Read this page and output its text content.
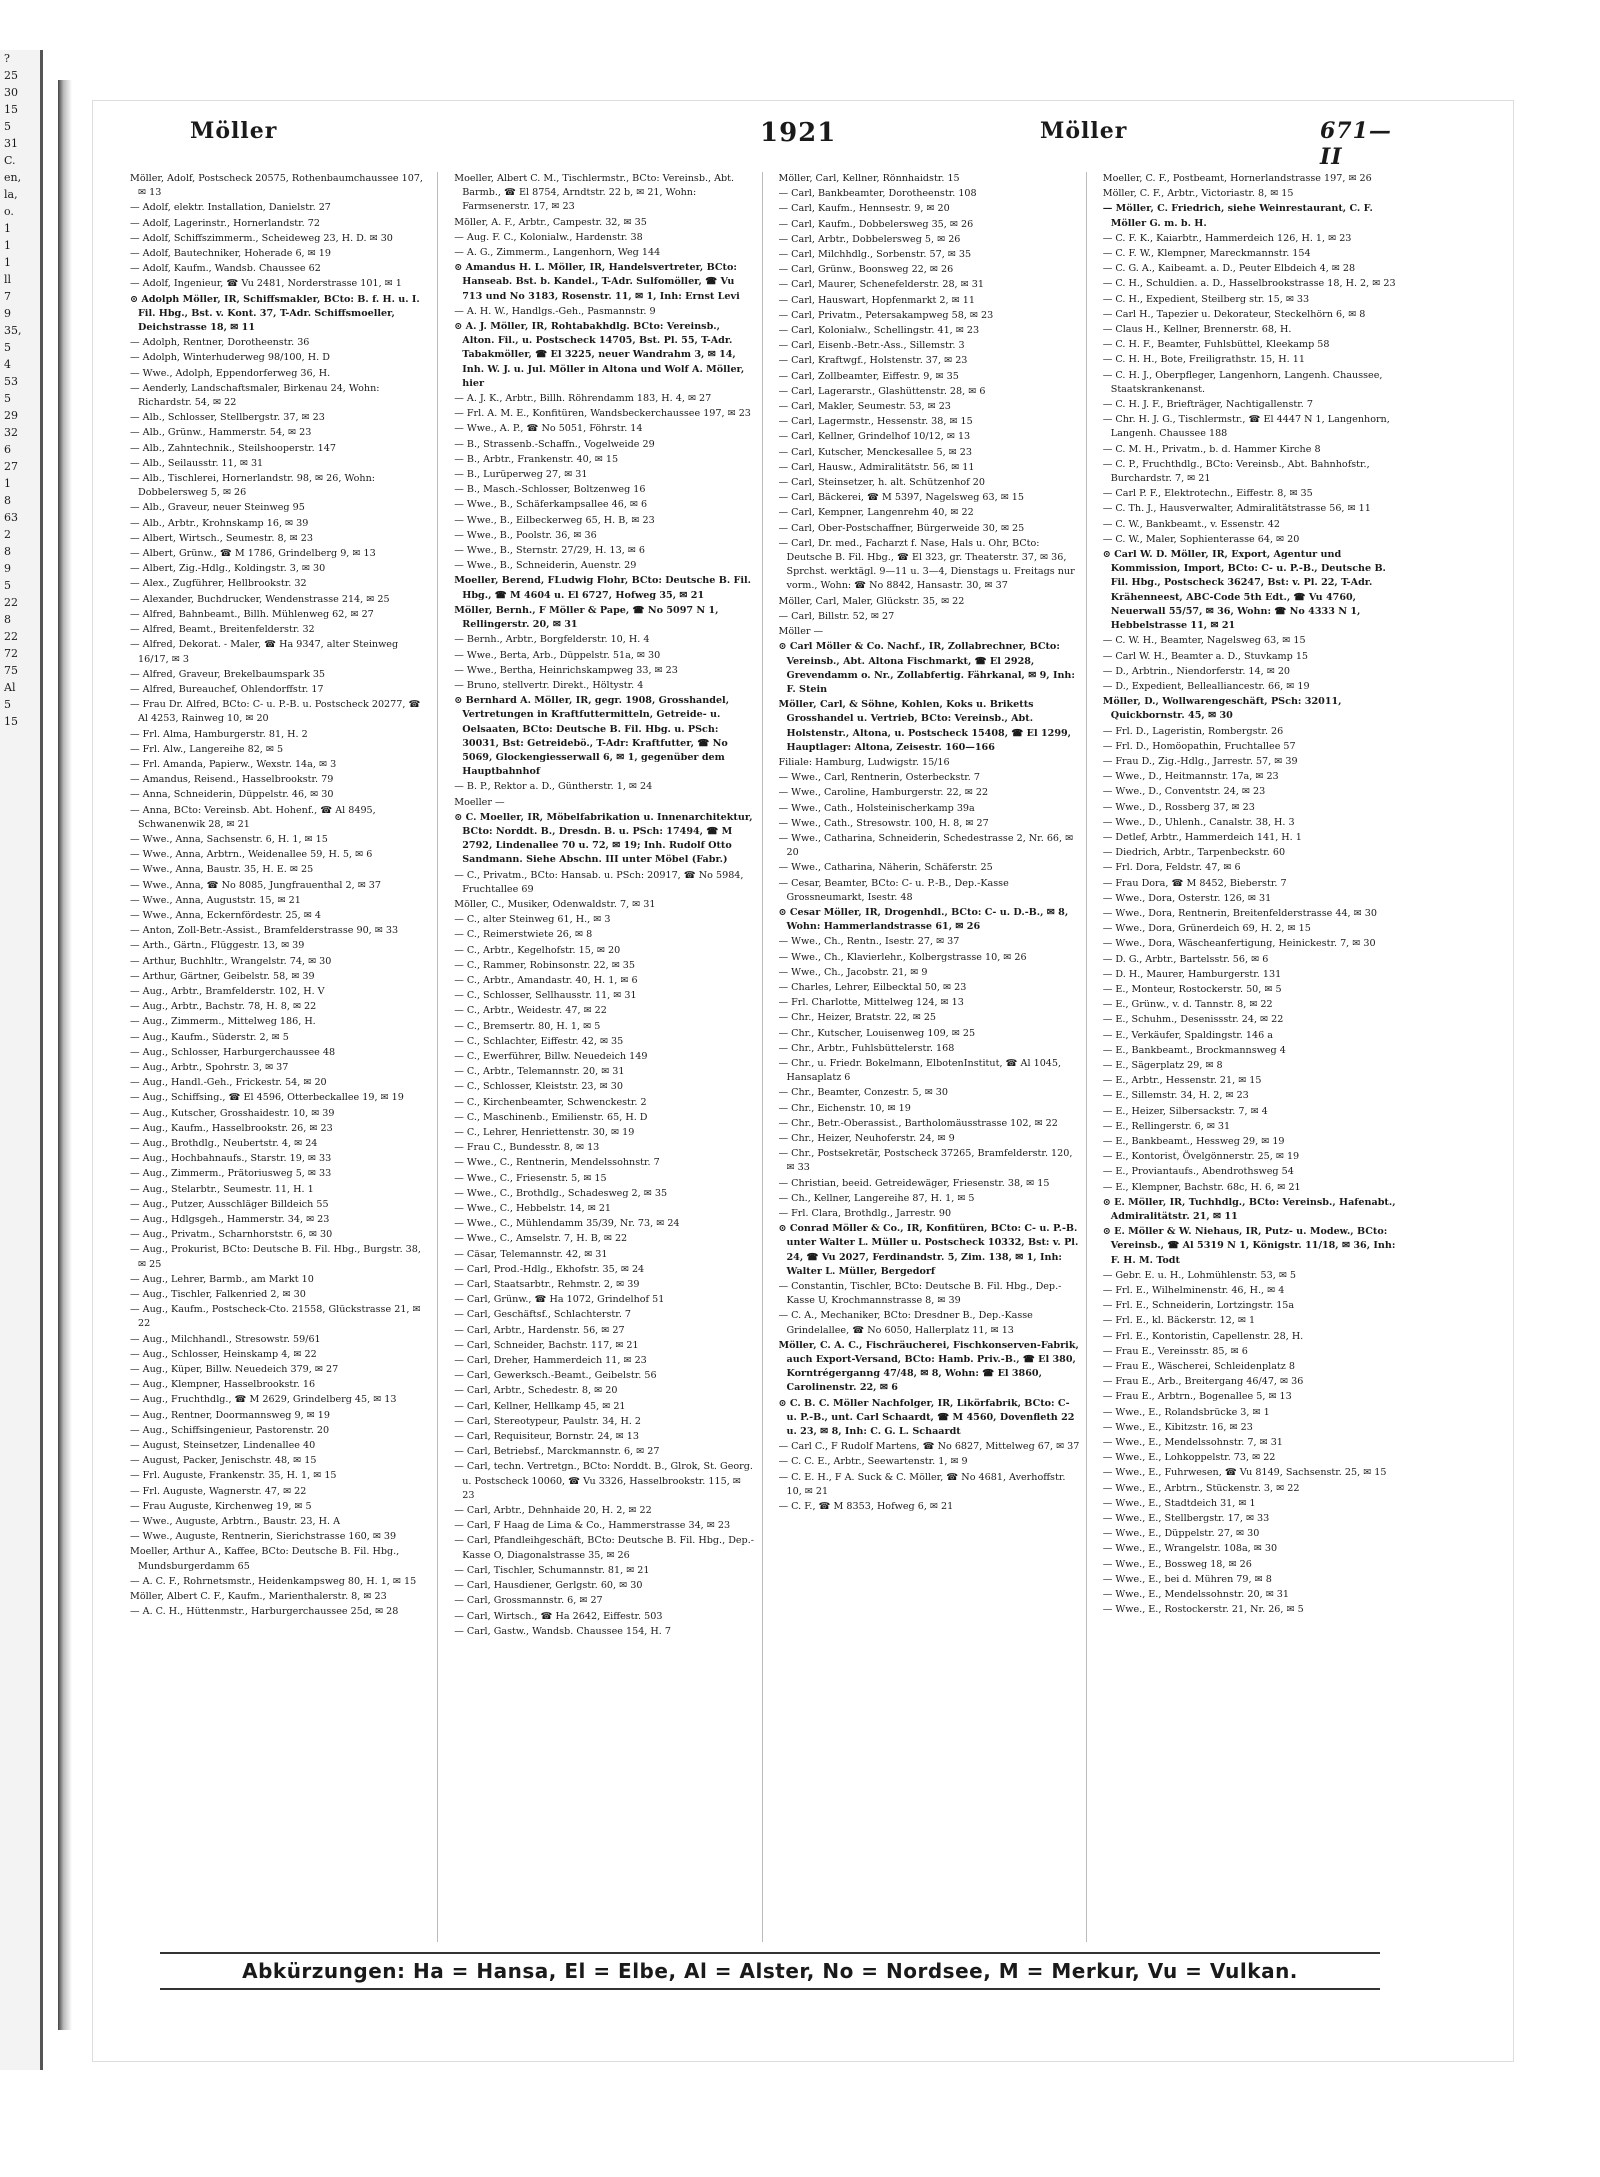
?
25
30
15
5
31
C.
en,
la,
o.
1
1
1
ll
7
9
35,
5
4
53
5
29
32
6
27
1
8
63
2
8
9
5
22
8
22
72
75
Al
5
15
Möller	1921	Möller	671—II

Möller, Adolf, Postscheck 20575, Rothenbaumchaussee 107, ✉ 13

— Adolf, elektr. Installation, Danielstr. 27

— Adolf, Lagerinstr., Hornerlandstr. 72

— Adolf, Schiffszimmerm., Scheideweg 23, H. D. ✉ 30

— Adolf, Bautechniker, Hoherade 6, ✉ 19

— Adolf, Kaufm., Wandsb. Chaussee 62

— Adolf, Ingenieur, ☎ Vu 2481, Norderstrasse 101, ✉ 1

⊙ Adolph Möller, IR, Schiffsmakler, BCto: B. f. H. u. I. Fil. Hbg., Bst. v. Kont. 37, T-Adr. Schiffsmoeller, Deichstrasse 18, ✉ 11

— Adolph, Rentner, Dorotheenstr. 36

— Adolph, Winterhuderweg 98/100, H. D

— Wwe., Adolph, Eppendorferweg 36, H.

— Aenderly, Landschaftsmaler, Birkenau 24, Wohn: Richardstr. 54, ✉ 22

— Alb., Schlosser, Stellbergstr. 37, ✉ 23

— Alb., Grünw., Hammerstr. 54, ✉ 23

— Alb., Zahntechnik., Steilshooperstr. 147

— Alb., Seilausstr. 11, ✉ 31

— Alb., Tischlerei, Hornerlandstr. 98, ✉ 26, Wohn: Dobbelersweg 5, ✉ 26

— Alb., Graveur, neuer Steinweg 95

— Alb., Arbtr., Krohnskamp 16, ✉ 39

— Albert, Wirtsch., Seumestr. 8, ✉ 23

— Albert, Grünw., ☎ M 1786, Grindelberg 9, ✉ 13

— Albert, Zig.-Hdlg., Koldingstr. 3, ✉ 30

— Alex., Zugführer, Hellbrookstr. 32

— Alexander, Buchdrucker, Wendenstrasse 214, ✉ 25

— Alfred, Bahnbeamt., Billh. Mühlenweg 62, ✉ 27

— Alfred, Beamt., Breitenfelderstr. 32

— Alfred, Dekorat. - Maler, ☎ Ha 9347, alter Steinweg 16/17, ✉ 3

— Alfred, Graveur, Brekelbaumspark 35

— Alfred, Bureauchef, Ohlendorffstr. 17

— Frau Dr. Alfred, BCto: C- u. P.-B. u. Postscheck 20277, ☎ Al 4253, Rainweg 10, ✉ 20

— Frl. Alma, Hamburgerstr. 81, H. 2

— Frl. Alw., Langereihe 82, ✉ 5

— Frl. Amanda, Papierw., Wexstr. 14a, ✉ 3

— Amandus, Reisend., Hasselbrookstr. 79

— Anna, Schneiderin, Düppelstr. 46, ✉ 30

— Anna, BCto: Vereinsb. Abt. Hohenf., ☎ Al 8495, Schwanenwik 28, ✉ 21

— Wwe., Anna, Sachsenstr. 6, H. 1, ✉ 15

— Wwe., Anna, Arbtrn., Weidenallee 59, H. 5, ✉ 6

— Wwe., Anna, Baustr. 35, H. E. ✉ 25

— Wwe., Anna, ☎ No 8085, Jungfrauenthal 2, ✉ 37

— Wwe., Anna, Auguststr. 15, ✉ 21

— Wwe., Anna, Eckernfördestr. 25, ✉ 4

— Anton, Zoll-Betr.-Assist., Bramfelderstrasse 90, ✉ 33

— Arth., Gärtn., Flüggestr. 13, ✉ 39

— Arthur, Buchhltr., Wrangelstr. 74, ✉ 30

— Arthur, Gärtner, Geibelstr. 58, ✉ 39

— Aug., Arbtr., Bramfelderstr. 102, H. V

— Aug., Arbtr., Bachstr. 78, H. 8, ✉ 22

— Aug., Zimmerm., Mittelweg 186, H.

— Aug., Kaufm., Süderstr. 2, ✉ 5

— Aug., Schlosser, Harburgerchaussee 48

— Aug., Arbtr., Spohrstr. 3, ✉ 37

— Aug., Handl.-Geh., Frickestr. 54, ✉ 20

— Aug., Schiffsing., ☎ El 4596, Otterbeckallee 19, ✉ 19

— Aug., Kutscher, Grosshaidestr. 10, ✉ 39

— Aug., Kaufm., Hasselbrookstr. 26, ✉ 23

— Aug., Brothdlg., Neubertstr. 4, ✉ 24

— Aug., Hochbahnaufs., Starstr. 19, ✉ 33

— Aug., Zimmerm., Prätoriusweg 5, ✉ 33

— Aug., Stelarbtr., Seumestr. 11, H. 1

— Aug., Putzer, Ausschläger Billdeich 55

— Aug., Hdlgsgeh., Hammerstr. 34, ✉ 23

— Aug., Privatm., Scharnhorststr. 6, ✉ 30

— Aug., Prokurist, BCto: Deutsche B. Fil. Hbg., Burgstr. 38, ✉ 25

— Aug., Lehrer, Barmb., am Markt 10

— Aug., Tischler, Falkenried 2, ✉ 30

— Aug., Kaufm., Postscheck-Cto. 21558, Glückstrasse 21, ✉ 22

— Aug., Milchhandl., Stresowstr. 59/61

— Aug., Schlosser, Heinskamp 4, ✉ 22

— Aug., Küper, Billw. Neuedeich 379, ✉ 27

— Aug., Klempner, Hasselbrookstr. 16

— Aug., Fruchthdlg., ☎ M 2629, Grindelberg 45, ✉ 13

— Aug., Rentner, Doormannsweg 9, ✉ 19

— Aug., Schiffsingenieur, Pastorenstr. 20

— August, Steinsetzer, Lindenallee 40

— August, Packer, Jenischstr. 48, ✉ 15

— Frl. Auguste, Frankenstr. 35, H. 1, ✉ 15

— Frl. Auguste, Wagnerstr. 47, ✉ 22

— Frau Auguste, Kirchenweg 19, ✉ 5

— Wwe., Auguste, Arbtrn., Baustr. 23, H. A

— Wwe., Auguste, Rentnerin, Sierichstrasse 160, ✉ 39

Moeller, Arthur A., Kaffee, BCto: Deutsche B. Fil. Hbg., Mundsburgerdamm 65

— A. C. F., Rohrnetsmstr., Heidenkampsweg 80, H. 1, ✉ 15

Möller, Albert C. F., Kaufm., Marienthalerstr. 8, ✉ 23

— A. C. H., Hüttenmstr., Harburgerchaussee 25d, ✉ 28

Moeller, Albert C. M., Tischlermstr., BCto: Vereinsb., Abt. Barmb., ☎ El 8754, Arndtstr. 22 b, ✉ 21, Wohn: Farmsenerstr. 17, ✉ 23

Möller, A. F., Arbtr., Campestr. 32, ✉ 35

— Aug. F. C., Kolonialw., Hardenstr. 38

— A. G., Zimmerm., Langenhorn, Weg 144

⊙ Amandus H. L. Möller, IR, Handelsvertreter, BCto: Hanseab. Bst. b. Kandel., T-Adr. Sulfomöller, ☎ Vu 713 und No 3183, Rosenstr. 11, ✉ 1, Inh: Ernst Levi

— A. H. W., Handlgs.-Geh., Pasmannstr. 9

⊙ A. J. Möller, IR, Rohtabakhdlg. BCto: Vereinsb., Alton. Fil., u. Postscheck 14705, Bst. Pl. 55, T-Adr. Tabakmöller, ☎ El 3225, neuer Wandrahm 3, ✉ 14, Inh. W. J. u. Jul. Möller in Altona und Wolf A. Möller, hier

— A. J. K., Arbtr., Billh. Röhrendamm 183, H. 4, ✉ 27

— Frl. A. M. E., Konfitüren, Wandsbeckerchaussee 197, ✉ 23

— Wwe., A. P., ☎ No 5051, Föhrstr. 14

— B., Strassenb.-Schaffn., Vogelweide 29

— B., Arbtr., Frankenstr. 40, ✉ 15

— B., Lurüperweg 27, ✉ 31

— B., Masch.-Schlosser, Boltzenweg 16

— Wwe., B., Schäferkampsallee 46, ✉ 6

— Wwe., B., Eilbeckerweg 65, H. B, ✉ 23

— Wwe., B., Poolstr. 36, ✉ 36

— Wwe., B., Sternstr. 27/29, H. 13, ✉ 6

— Wwe., B., Schneiderin, Auenstr. 29

Moeller, Berend, FLudwig Flohr, BCto: Deutsche B. Fil. Hbg., ☎ M 4604 u. El 6727, Hofweg 35, ✉ 21

Möller, Bernh., F Möller & Pape, ☎ No 5097 N 1, Rellingerstr. 20, ✉ 31

— Bernh., Arbtr., Borgfelderstr. 10, H. 4

— Wwe., Berta, Arb., Düppelstr. 51a, ✉ 30

— Wwe., Bertha, Heinrichskampweg 33, ✉ 23

— Bruno, stellvertr. Direkt., Höltystr. 4

⊙ Bernhard A. Möller, IR, gegr. 1908, Grosshandel, Vertretungen in Kraftfuttermitteln, Getreide- u. Oelsaaten, BCto: Deutsche B. Fil. Hbg. u. PSch: 30031, Bst: Getreidebö., T-Adr: Kraftfutter, ☎ No 5069, Glockengiesserwall 6, ✉ 1, gegenüber dem Hauptbahnhof

— B. P., Rektor a. D., Güntherstr. 1, ✉ 24

Moeller —

⊙ C. Moeller, IR, Möbelfabrikation u. Innenarchitektur, BCto: Norddt. B., Dresdn. B. u. PSch: 17494, ☎ M 2792, Lindenallee 70 u. 72, ✉ 19; Inh. Rudolf Otto Sandmann. Siehe Abschn. III unter Möbel (Fabr.)

— C., Privatm., BCto: Hansab. u. PSch: 20917, ☎ No 5984, Fruchtallee 69

Möller, C., Musiker, Odenwaldstr. 7, ✉ 31

— C., alter Steinweg 61, H., ✉ 3

— C., Reimerstwiete 26, ✉ 8

— C., Arbtr., Kegelhofstr. 15, ✉ 20

— C., Rammer, Robinsonstr. 22, ✉ 35

— C., Arbtr., Amandastr. 40, H. 1, ✉ 6

— C., Schlosser, Sellhausstr. 11, ✉ 31

— C., Arbtr., Weidestr. 47, ✉ 22

— C., Bremsertr. 80, H. 1, ✉ 5

— C., Schlachter, Eiffestr. 42, ✉ 35

— C., Ewerführer, Billw. Neuedeich 149

— C., Arbtr., Telemannstr. 20, ✉ 31

— C., Schlosser, Kleiststr. 23, ✉ 30

— C., Kirchenbeamter, Schwenckestr. 2

— C., Maschinenb., Emilienstr. 65, H. D

— C., Lehrer, Henriettenstr. 30, ✉ 19

— Frau C., Bundesstr. 8, ✉ 13

— Wwe., C., Rentnerin, Mendelssohnstr. 7

— Wwe., C., Friesenstr. 5, ✉ 15

— Wwe., C., Brothdlg., Schadesweg 2, ✉ 35

— Wwe., C., Hebbelstr. 14, ✉ 21

— Wwe., C., Mühlendamm 35/39, Nr. 73, ✉ 24

— Wwe., C., Amselstr. 7, H. B, ✉ 22

— Cäsar, Telemannstr. 42, ✉ 31

— Carl, Prod.-Hdlg., Ekhofstr. 35, ✉ 24

— Carl, Staatsarbtr., Rehmstr. 2, ✉ 39

— Carl, Grünw., ☎ Ha 1072, Grindelhof 51

— Carl, Geschäftsf., Schlachterstr. 7

— Carl, Arbtr., Hardenstr. 56, ✉ 27

— Carl, Schneider, Bachstr. 117, ✉ 21

— Carl, Dreher, Hammerdeich 11, ✉ 23

— Carl, Gewerksch.-Beamt., Geibelstr. 56

— Carl, Arbtr., Schedestr. 8, ✉ 20

— Carl, Kellner, Hellkamp 45, ✉ 21

— Carl, Stereotypeur, Paulstr. 34, H. 2

— Carl, Requisiteur, Bornstr. 24, ✉ 13

— Carl, Betriebsf., Marckmannstr. 6, ✉ 27

— Carl, techn. Vertretgn., BCto: Norddt. B., Glrok, St. Georg. u. Postscheck 10060, ☎ Vu 3326, Hasselbrookstr. 115, ✉ 23

— Carl, Arbtr., Dehnhaide 20, H. 2, ✉ 22

— Carl, F Haag de Lima & Co., Hammerstrasse 34, ✉ 23

— Carl, Pfandleihgeschäft, BCto: Deutsche B. Fil. Hbg., Dep.-Kasse O, Diagonalstrasse 35, ✉ 26

— Carl, Tischler, Schumannstr. 81, ✉ 21

— Carl, Hausdiener, Gerlgstr. 60, ✉ 30

— Carl, Grossmannstr. 6, ✉ 27

— Carl, Wirtsch., ☎ Ha 2642, Eiffestr. 503

— Carl, Gastw., Wandsb. Chaussee 154, H. 7

Möller, Carl, Kellner, Rönnhaidstr. 15

— Carl, Bankbeamter, Dorotheenstr. 108

— Carl, Kaufm., Hennsestr. 9, ✉ 20

— Carl, Kaufm., Dobbelersweg 35, ✉ 26

— Carl, Arbtr., Dobbelersweg 5, ✉ 26

— Carl, Milchhdlg., Sorbenstr. 57, ✉ 35

— Carl, Grünw., Boonsweg 22, ✉ 26

— Carl, Maurer, Schenefelderstr. 28, ✉ 31

— Carl, Hauswart, Hopfenmarkt 2, ✉ 11

— Carl, Privatm., Petersakampweg 58, ✉ 23

— Carl, Kolonialw., Schellingstr. 41, ✉ 23

— Carl, Eisenb.-Betr.-Ass., Sillemstr. 3

— Carl, Kraftwgf., Holstenstr. 37, ✉ 23

— Carl, Zollbeamter, Eiffestr. 9, ✉ 35

— Carl, Lagerarstr., Glashüttenstr. 28, ✉ 6

— Carl, Makler, Seumestr. 53, ✉ 23

— Carl, Lagermstr., Hessenstr. 38, ✉ 15

— Carl, Kellner, Grindelhof 10/12, ✉ 13

— Carl, Kutscher, Menckesallee 5, ✉ 23

— Carl, Hausw., Admiralitätstr. 56, ✉ 11

— Carl, Steinsetzer, h. alt. Schützenhof 20

— Carl, Bäckerei, ☎ M 5397, Nagelsweg 63, ✉ 15

— Carl, Kempner, Langenrehm 40, ✉ 22

— Carl, Ober-Postschaffner, Bürgerweide 30, ✉ 25

— Carl, Dr. med., Facharzt f. Nase, Hals u. Ohr, BCto: Deutsche B. Fil. Hbg., ☎ El 323, gr. Theaterstr. 37, ✉ 36, Sprchst. werktägl. 9—11 u. 3—4, Dienstags u. Freitags nur vorm., Wohn: ☎ No 8842, Hansastr. 30, ✉ 37

Möller, Carl, Maler, Glückstr. 35, ✉ 22

— Carl, Billstr. 52, ✉ 27

Möller —

⊙ Carl Möller & Co. Nachf., IR, Zollabrechner, BCto: Vereinsb., Abt. Altona Fischmarkt, ☎ El 2928, Grevendamm o. Nr., Zollabfertig. Fährkanal, ✉ 9, Inh: F. Stein

Möller, Carl, & Söhne, Kohlen, Koks u. Briketts Grosshandel u. Vertrieb, BCto: Vereinsb., Abt. Holstenstr., Altona, u. Postscheck 15408, ☎ El 1299, Hauptlager: Altona, Zeisestr. 160—166

Filiale: Hamburg, Ludwigstr. 15/16

— Wwe., Carl, Rentnerin, Osterbeckstr. 7

— Wwe., Caroline, Hamburgerstr. 22, ✉ 22

— Wwe., Cath., Holsteinischerkamp 39a

— Wwe., Cath., Stresowstr. 100, H. 8, ✉ 27

— Wwe., Catharina, Schneiderin, Schedestrasse 2, Nr. 66, ✉ 20

— Wwe., Catharina, Näherin, Schäferstr. 25

— Cesar, Beamter, BCto: C- u. P.-B., Dep.-Kasse Grossneumarkt, Isestr. 48

⊙ Cesar Möller, IR, Drogenhdl., BCto: C- u. D.-B., ✉ 8, Wohn: Hammerlandstrasse 61, ✉ 26

— Wwe., Ch., Rentn., Isestr. 27, ✉ 37

— Wwe., Ch., Klavierlehr., Kolbergstrasse 10, ✉ 26

— Wwe., Ch., Jacobstr. 21, ✉ 9

— Charles, Lehrer, Eilbecktal 50, ✉ 23

— Frl. Charlotte, Mittelweg 124, ✉ 13

— Chr., Heizer, Bratstr. 22, ✉ 25

— Chr., Kutscher, Louisenweg 109, ✉ 25

— Chr., Arbtr., Fuhlsbüttelerstr. 168

— Chr., u. Friedr. Bokelmann, ElbotenInstitut, ☎ Al 1045, Hansaplatz 6

— Chr., Beamter, Conzestr. 5, ✉ 30

— Chr., Eichenstr. 10, ✉ 19

— Chr., Betr.-Oberassist., Bartholomäusstrasse 102, ✉ 22

— Chr., Heizer, Neuhoferstr. 24, ✉ 9

— Chr., Postsekretär, Postscheck 37265, Bramfelderstr. 120, ✉ 33

— Christian, beeid. Getreidewäger, Friesenstr. 38, ✉ 15

— Ch., Kellner, Langereihe 87, H. 1, ✉ 5

— Frl. Clara, Brothdlg., Jarrestr. 90

⊙ Conrad Möller & Co., IR, Konfitüren, BCto: C- u. P.-B. unter Walter L. Müller u. Postscheck 10332, Bst: v. Pl. 24, ☎ Vu 2027, Ferdinandstr. 5, Zim. 138, ✉ 1, Inh: Walter L. Müller, Bergedorf

— Constantin, Tischler, BCto: Deutsche B. Fil. Hbg., Dep.-Kasse U, Krochmannstrasse 8, ✉ 39

— C. A., Mechaniker, BCto: Dresdner B., Dep.-Kasse Grindelallee, ☎ No 6050, Hallerplatz 11, ✉ 13

Möller, C. A. C., Fischräucherei, Fischkonserven-Fabrik, auch Export-Versand, BCto: Hamb. Priv.-B., ☎ El 380, Korntrégerganng 47/48, ✉ 8, Wohn: ☎ El 3860, Carolinenstr. 22, ✉ 6

⊙ C. B. C. Möller Nachfolger, IR, Likörfabrik, BCto: C- u. P.-B., unt. Carl Schaardt, ☎ M 4560, Dovenfleth 22 u. 23, ✉ 8, Inh: C. G. L. Schaardt

— Carl C., F Rudolf Martens, ☎ No 6827, Mittelweg 67, ✉ 37

— C. C. E., Arbtr., Seewartenstr. 1, ✉ 9

— C. E. H., F A. Suck & C. Möller, ☎ No 4681, Averhoffstr. 10, ✉ 21

— C. F., ☎ M 8353, Hofweg 6, ✉ 21

Moeller, C. F., Postbeamt, Hornerlandstrasse 197, ✉ 26

Möller, C. F., Arbtr., Victoriastr. 8, ✉ 15

— Möller, C. Friedrich, siehe Weinrestaurant, C. F. Möller G. m. b. H.

— C. F. K., Kaiarbtr., Hammerdeich 126, H. 1, ✉ 23

— C. F. W., Klempner, Mareckmannstr. 154

— C. G. A., Kaibeamt. a. D., Peuter Elbdeich 4, ✉ 28

— C. H., Schuldien. a. D., Hasselbrookstrasse 18, H. 2, ✉ 23

— C. H., Expedient, Steilberg str. 15, ✉ 33

— Carl H., Tapezier u. Dekorateur, Steckelhörn 6, ✉ 8

— Claus H., Kellner, Brennerstr. 68, H.

— C. H. F., Beamter, Fuhlsbüttel, Kleekamp 58

— C. H. H., Bote, Freiligrathstr. 15, H. 11

— C. H. J., Oberpfleger, Langenhorn, Langenh. Chaussee, Staatskrankenanst.

— C. H. J. F., Briefträger, Nachtigallenstr. 7

— Chr. H. J. G., Tischlermstr., ☎ El 4447 N 1, Langenhorn, Langenh. Chaussee 188

— C. M. H., Privatm., b. d. Hammer Kirche 8

— C. P., Fruchthdlg., BCto: Vereinsb., Abt. Bahnhofstr., Burchardstr. 7, ✉ 21

— Carl P. F., Elektrotechn., Eiffestr. 8, ✉ 35

— C. Th. J., Hausverwalter, Admiralitätstrasse 56, ✉ 11

— C. W., Bankbeamt., v. Essenstr. 42

— C. W., Maler, Sophienterasse 64, ✉ 20

⊙ Carl W. D. Möller, IR, Export, Agentur und Kommission, Import, BCto: C- u. P.-B., Deutsche B. Fil. Hbg., Postscheck 36247, Bst: v. Pl. 22, T-Adr. Krähenneest, ABC-Code 5th Edt., ☎ Vu 4760, Neuerwall 55/57, ✉ 36, Wohn: ☎ No 4333 N 1, Hebbelstrasse 11, ✉ 21

— C. W. H., Beamter, Nagelsweg 63, ✉ 15

— Carl W. H., Beamter a. D., Stuvkamp 15

— D., Arbtrin., Niendorferstr. 14, ✉ 20

— D., Expedient, Bellealliancestr. 66, ✉ 19

Möller, D., Wollwarengeschäft, PSch: 32011, Quickbornstr. 45, ✉ 30

— Frl. D., Lageristin, Rombergstr. 26

— Frl. D., Homöopathin, Fruchtallee 57

— Frau D., Zig.-Hdlg., Jarrestr. 57, ✉ 39

— Wwe., D., Heitmannstr. 17a, ✉ 23

— Wwe., D., Conventstr. 24, ✉ 23

— Wwe., D., Rossberg 37, ✉ 23

— Wwe., D., Uhlenh., Canalstr. 38, H. 3

— Detlef, Arbtr., Hammerdeich 141, H. 1

— Diedrich, Arbtr., Tarpenbeckstr. 60

— Frl. Dora, Feldstr. 47, ✉ 6

— Frau Dora, ☎ M 8452, Bieberstr. 7

— Wwe., Dora, Osterstr. 126, ✉ 31

— Wwe., Dora, Rentnerin, Breitenfelderstrasse 44, ✉ 30

— Wwe., Dora, Grünerdeich 69, H. 2, ✉ 15

— Wwe., Dora, Wäscheanfertigung, Heinickestr. 7, ✉ 30

— D. G., Arbtr., Bartelsstr. 56, ✉ 6

— D. H., Maurer, Hamburgerstr. 131

— E., Monteur, Rostockerstr. 50, ✉ 5

— E., Grünw., v. d. Tannstr. 8, ✉ 22

— E., Schuhm., Desenissstr. 24, ✉ 22

— E., Verkäufer, Spaldingstr. 146 a

— E., Bankbeamt., Brockmannsweg 4

— E., Sägerplatz 29, ✉ 8

— E., Arbtr., Hessenstr. 21, ✉ 15

— E., Sillemstr. 34, H. 2, ✉ 23

— E., Heizer, Silbersackstr. 7, ✉ 4

— E., Rellingerstr. 6, ✉ 31

— E., Bankbeamt., Hessweg 29, ✉ 19

— E., Kontorist, Övelgönnerstr. 25, ✉ 19

— E., Proviantaufs., Abendrothsweg 54

— E., Klempner, Bachstr. 68c, H. 6, ✉ 21

⊙ E. Möller, IR, Tuchhdlg., BCto: Vereinsb., Hafenabt., Admiralitätstr. 21, ✉ 11

⊙ E. Möller & W. Niehaus, IR, Putz- u. Modew., BCto: Vereinsb., ☎ Al 5319 N 1, Königstr. 11/18, ✉ 36, Inh: F. H. M. Todt

— Gebr. E. u. H., Lohmühlenstr. 53, ✉ 5

— Frl. E., Wilhelminenstr. 46, H., ✉ 4

— Frl. E., Schneiderin, Lortzingstr. 15a

— Frl. E., kl. Bäckerstr. 12, ✉ 1

— Frl. E., Kontoristin, Capellenstr. 28, H.

— Frau E., Vereinsstr. 85, ✉ 6

— Frau E., Wäscherei, Schleidenplatz 8

— Frau E., Arb., Breitergang 46/47, ✉ 36

— Frau E., Arbtrn., Bogenallee 5, ✉ 13

— Wwe., E., Rolandsbrücke 3, ✉ 1

— Wwe., E., Kibitzstr. 16, ✉ 23

— Wwe., E., Mendelssohnstr. 7, ✉ 31

— Wwe., E., Lohkoppelstr. 73, ✉ 22

— Wwe., E., Fuhrwesen, ☎ Vu 8149, Sachsenstr. 25, ✉ 15

— Wwe., E., Arbtrn., Stückenstr. 3, ✉ 22

— Wwe., E., Stadtdeich 31, ✉ 1

— Wwe., E., Stellbergstr. 17, ✉ 33

— Wwe., E., Düppelstr. 27, ✉ 30

— Wwe., E., Wrangelstr. 108a, ✉ 30

— Wwe., E., Bossweg 18, ✉ 26

— Wwe., E., bei d. Mühren 79, ✉ 8

— Wwe., E., Mendelssohnstr. 20, ✉ 31

— Wwe., E., Rostockerstr. 21, Nr. 26, ✉ 5

Abkürzungen: Ha = Hansa, El = Elbe, Al = Alster, No = Nordsee, M = Merkur, Vu = Vulkan.
